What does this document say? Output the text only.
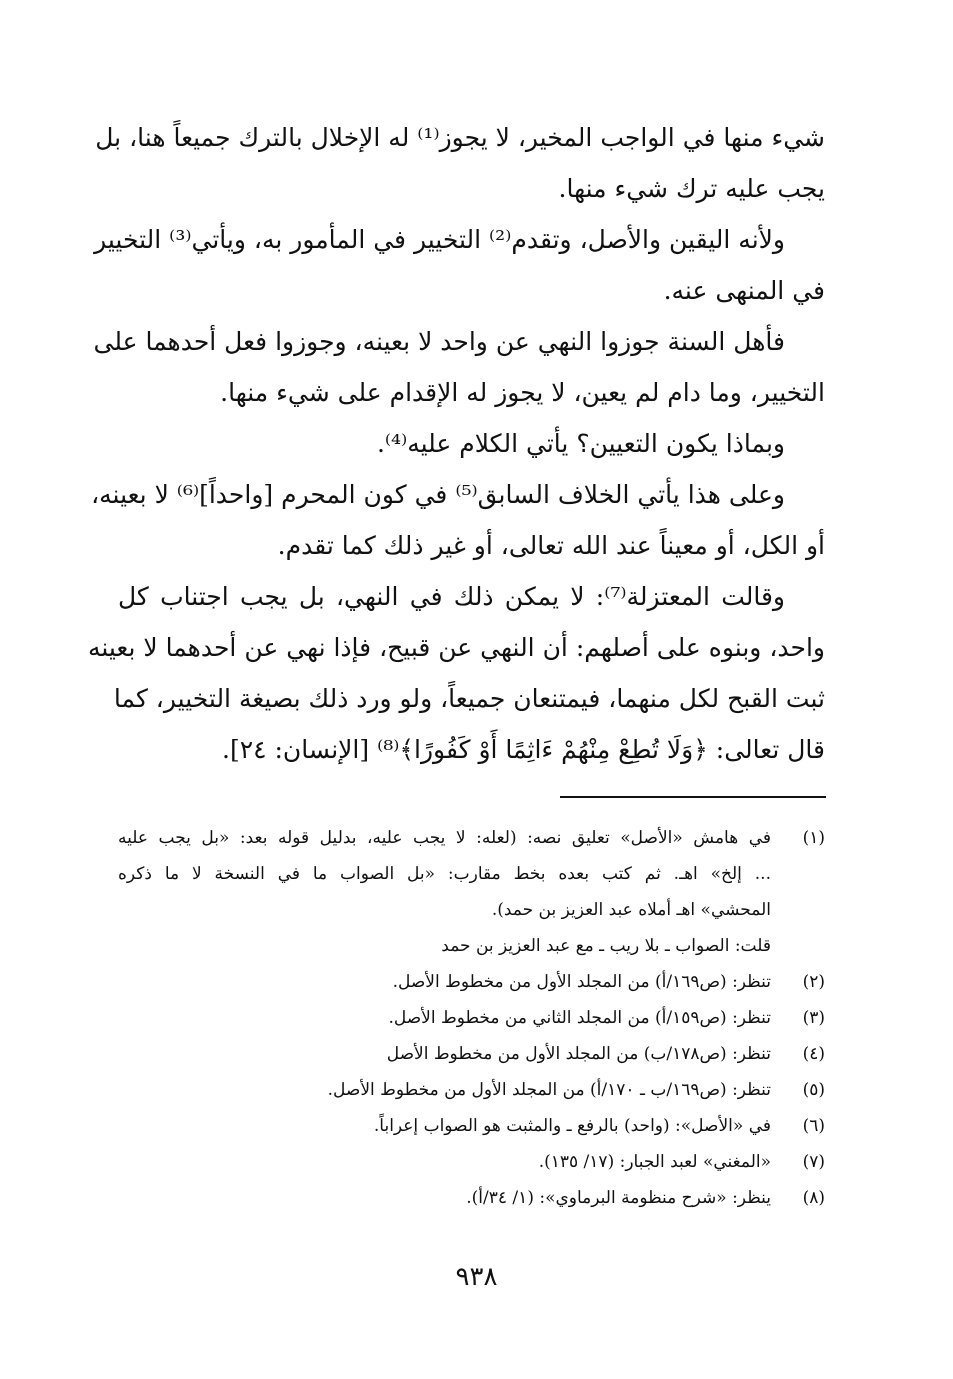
شيء منها في الواجب المخير، لا يجوز⁽¹⁾ له الإخلال بالترك جميعاً هنا، بل
يجب عليه ترك شيء منها.
ولأنه اليقين والأصل، وتقدم⁽²⁾ التخيير في المأمور به، ويأتي⁽³⁾ التخيير
في المنهى عنه.
فأهل السنة جوزوا النهي عن واحد لا بعينه، وجوزوا فعل أحدهما على
التخيير، وما دام لم يعين، لا يجوز له الإقدام على شيء منها.
وبماذا يكون التعيين؟ يأتي الكلام عليه⁽⁴⁾.
وعلى هذا يأتي الخلاف السابق⁽⁵⁾ في كون المحرم [واحداً]⁽⁶⁾ لا بعينه،
أو الكل، أو معيناً عند الله تعالى، أو غير ذلك كما تقدم.
وقالت المعتزلة⁽⁷⁾: لا يمكن ذلك في النهي، بل يجب اجتناب كل
واحد، وبنوه على أصلهم: أن النهي عن قبيح، فإذا نهي عن أحدهما لا بعينه
ثبت القبح لكل منهما، فيمتنعان جميعاً، ولو ورد ذلك بصيغة التخيير، كما
قال تعالى: ﴿وَلَا تُطِعْ مِنْهُمْ ءَاثِمًا أَوْ كَفُورًا﴾⁽⁸⁾ [الإنسان: ٢٤].
(١)
في هامش «الأصل» تعليق نصه: (لعله: لا يجب عليه، بدليل قوله بعد: «بل يجب عليه
... إلخ» اهـ. ثم كتب بعده بخط مقارب: «بل الصواب ما في النسخة لا ما ذكره
المحشي» اهـ أملاه عبد العزيز بن حمد).
قلت: الصواب ـ بلا ريب ـ مع عبد العزيز بن حمد
(٢)
تنظر: (ص١٦٩/أ) من المجلد الأول من مخطوط الأصل.
(٣)
تنظر: (ص١٥٩/أ) من المجلد الثاني من مخطوط الأصل.
(٤)
تنظر: (ص١٧٨/ب) من المجلد الأول من مخطوط الأصل
(٥)
تنظر: (ص١٦٩/ب ـ ١٧٠/أ) من المجلد الأول من مخطوط الأصل.
(٦)
في «الأصل»: (واحد) بالرفع ـ والمثبت هو الصواب إعراباً.
(٧)
«المغني» لعبد الجبار: (١٧/ ١٣٥).
(٨)
ينظر: «شرح منظومة البرماوي»: (١/ ٣٤/أ).
٩٣٨
